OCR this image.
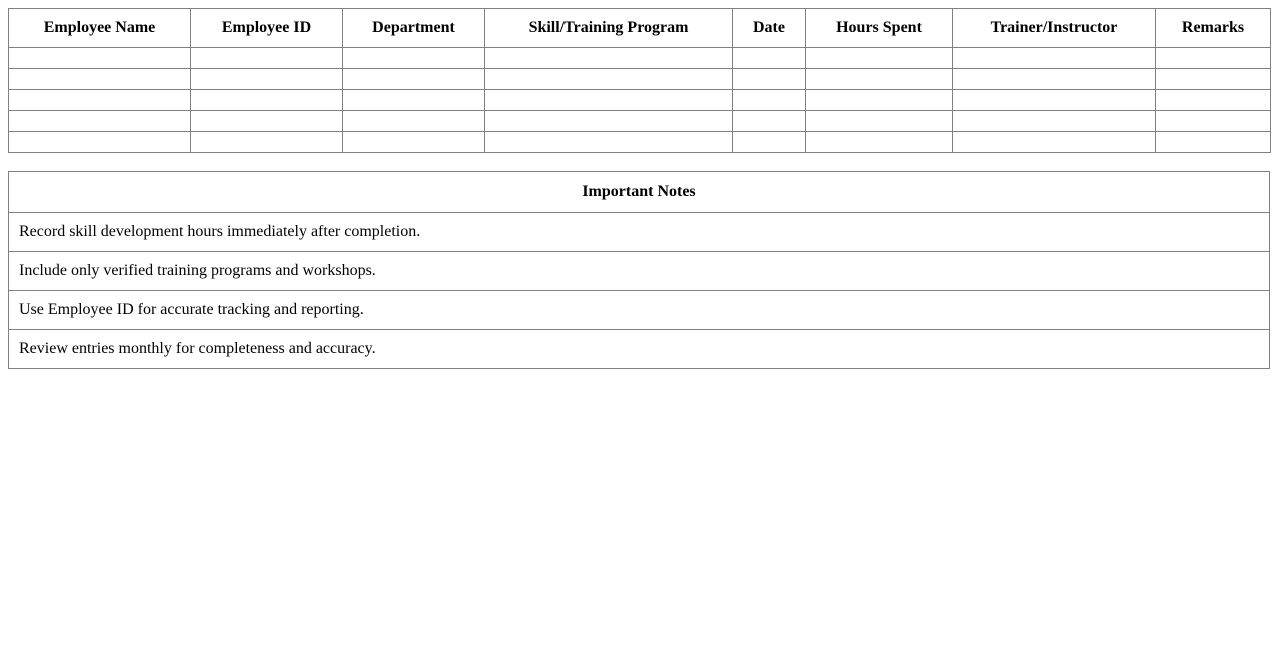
Employee Name	Employee ID	Department	Skill/Training Program	Date	Hours Spent	Trainer/Instructor	Remarks

Important Notes
Record skill development hours immediately after completion.
Include only verified training programs and workshops.
Use Employee ID for accurate tracking and reporting.
Review entries monthly for completeness and accuracy.
